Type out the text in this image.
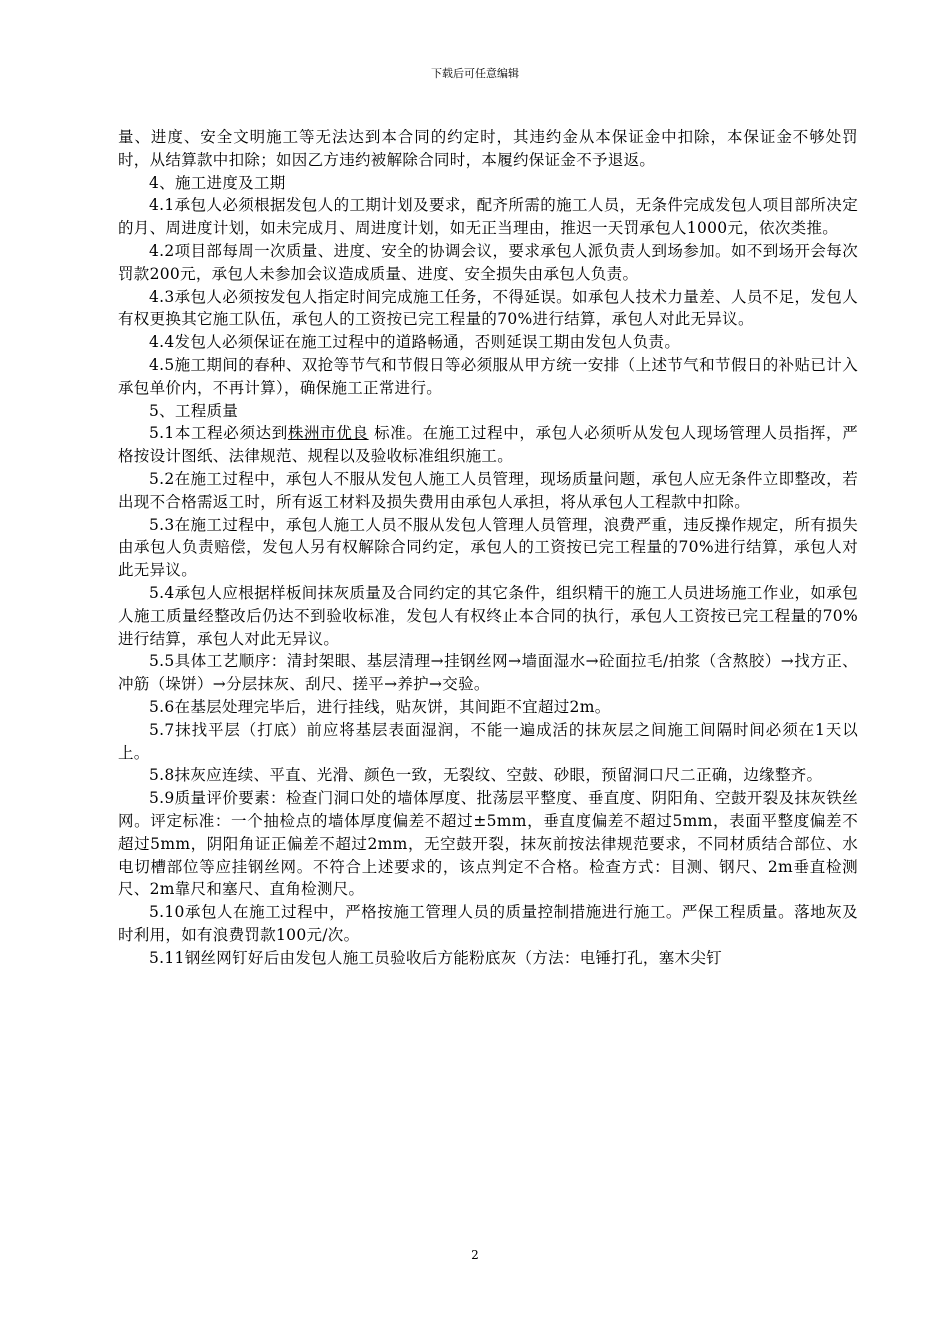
下载后可任意编辑

量、进度、安全文明施工等无法达到本合同的约定时，其违约金从本保证金中扣除，本保证金不够处罚时，从结算款中扣除；如因乙方违约被解除合同时，本履约保证金不予退返。

4、施工进度及工期

4.1承包人必须根据发包人的工期计划及要求，配齐所需的施工人员，无条件完成发包人项目部所决定的月、周进度计划，如未完成月、周进度计划，如无正当理由，推迟一天罚承包人1000元，依次类推。

4.2项目部每周一次质量、进度、安全的协调会议，要求承包人派负责人到场参加。如不到场开会每次罚款200元，承包人未参加会议造成质量、进度、安全损失由承包人负责。

4.3承包人必须按发包人指定时间完成施工任务，不得延误。如承包人技术力量差、人员不足，发包人有权更换其它施工队伍，承包人的工资按已完工程量的70%进行结算，承包人对此无异议。

4.4发包人必须保证在施工过程中的道路畅通，否则延误工期由发包人负责。

4.5施工期间的春种、双抢等节气和节假日等必须服从甲方统一安排（上述节气和节假日的补贴已计入承包单价内，不再计算），确保施工正常进行。

5、工程质量

5.1本工程必须达到株洲市优良 标准。在施工过程中，承包人必须听从发包人现场管理人员指挥，严格按设计图纸、法律规范、规程以及验收标准组织施工。

5.2在施工过程中，承包人不服从发包人施工人员管理，现场质量问题，承包人应无条件立即整改，若出现不合格需返工时，所有返工材料及损失费用由承包人承担，将从承包人工程款中扣除。

5.3在施工过程中，承包人施工人员不服从发包人管理人员管理，浪费严重，违反操作规定，所有损失由承包人负责赔偿，发包人另有权解除合同约定，承包人的工资按已完工程量的70%进行结算，承包人对此无异议。

5.4承包人应根据样板间抹灰质量及合同约定的其它条件，组织精干的施工人员进场施工作业，如承包人施工质量经整改后仍达不到验收标准，发包人有权终止本合同的执行，承包人工资按已完工程量的70%进行结算，承包人对此无异议。

5.5具体工艺顺序：清封架眼、基层清理→挂钢丝网→墙面湿水→砼面拉毛/拍浆（含熬胶）→找方正、冲筋（垛饼）→分层抹灰、刮尺、搓平→养护→交验。

5.6在基层处理完毕后，进行挂线，贴灰饼，其间距不宜超过2m。

5.7抹找平层（打底）前应将基层表面湿润，不能一遍成活的抹灰层之间施工间隔时间必须在1天以上。

5.8抹灰应连续、平直、光滑、颜色一致，无裂纹、空鼓、砂眼，预留洞口尺二正确，边缘整齐。

5.9质量评价要素：检查门洞口处的墙体厚度、批荡层平整度、垂直度、阴阳角、空鼓开裂及抹灰铁丝网。评定标准：一个抽检点的墙体厚度偏差不超过±5mm，垂直度偏差不超过5mm，表面平整度偏差不超过5mm，阴阳角证正偏差不超过2mm，无空鼓开裂，抹灰前按法律规范要求，不同材质结合部位、水电切槽部位等应挂钢丝网。不符合上述要求的，该点判定不合格。检查方式：目测、钢尺、2m垂直检测尺、2m靠尺和塞尺、直角检测尺。

5.10承包人在施工过程中，严格按施工管理人员的质量控制措施进行施工。严保工程质量。落地灰及时利用，如有浪费罚款100元/次。

5.11钢丝网钉好后由发包人施工员验收后方能粉底灰（方法：电锤打孔，塞木尖钉

2
